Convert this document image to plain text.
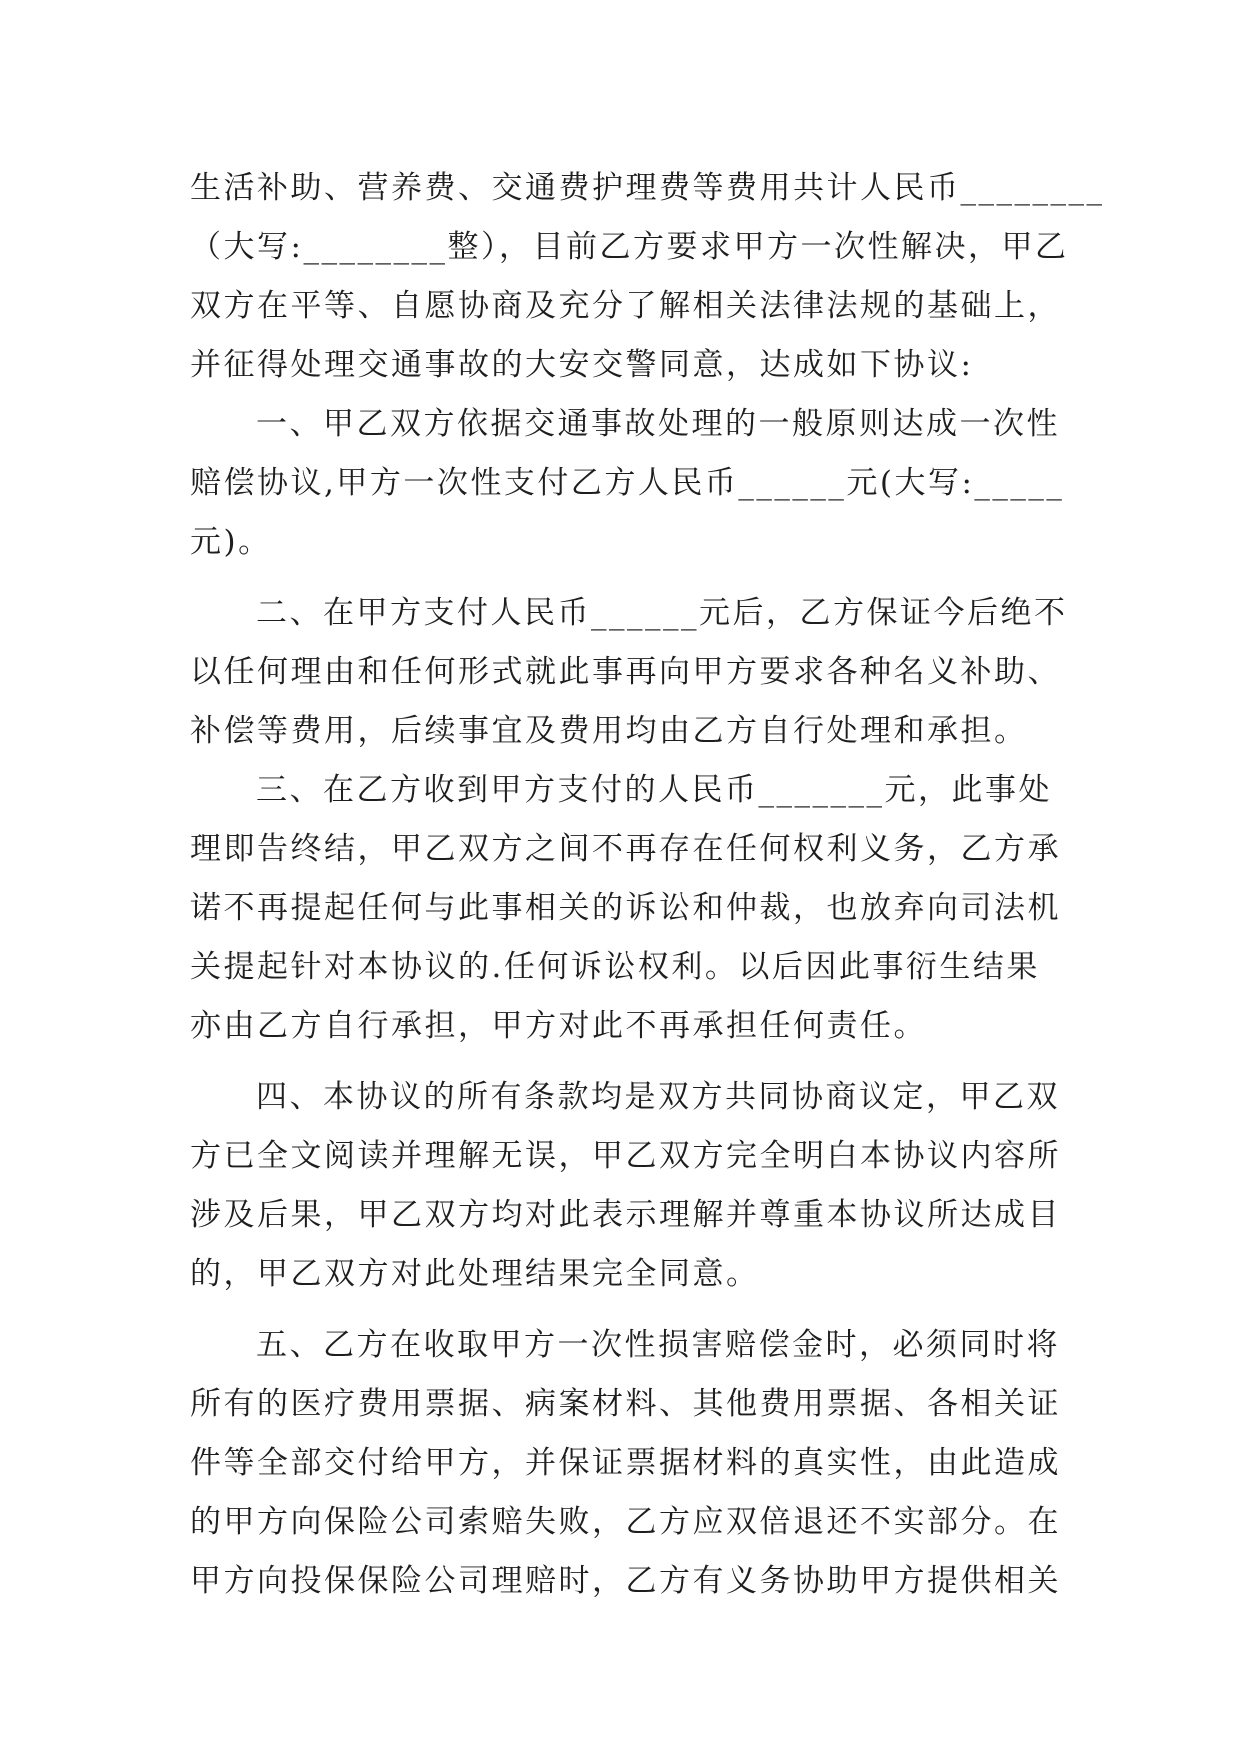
生活补助、营养费、交通费护理费等费用共计人民币________
（大写:________整），目前乙方要求甲方一次性解决，甲乙
双方在平等、自愿协商及充分了解相关法律法规的基础上，
并征得处理交通事故的大安交警同意，达成如下协议:
一、甲乙双方依据交通事故处理的一般原则达成一次性
赔偿协议,甲方一次性支付乙方人民币______元(大写:_____
元)。
二、在甲方支付人民币______元后，乙方保证今后绝不
以任何理由和任何形式就此事再向甲方要求各种名义补助、
补偿等费用，后续事宜及费用均由乙方自行处理和承担。
三、在乙方收到甲方支付的人民币_______元，此事处
理即告终结，甲乙双方之间不再存在任何权利义务，乙方承
诺不再提起任何与此事相关的诉讼和仲裁，也放弃向司法机
关提起针对本协议的.任何诉讼权利。以后因此事衍生结果
亦由乙方自行承担，甲方对此不再承担任何责任。
四、本协议的所有条款均是双方共同协商议定，甲乙双
方已全文阅读并理解无误，甲乙双方完全明白本协议内容所
涉及后果，甲乙双方均对此表示理解并尊重本协议所达成目
的，甲乙双方对此处理结果完全同意。
五、乙方在收取甲方一次性损害赔偿金时，必须同时将
所有的医疗费用票据、病案材料、其他费用票据、各相关证
件等全部交付给甲方，并保证票据材料的真实性，由此造成
的甲方向保险公司索赔失败，乙方应双倍退还不实部分。在
甲方向投保保险公司理赔时，乙方有义务协助甲方提供相关
